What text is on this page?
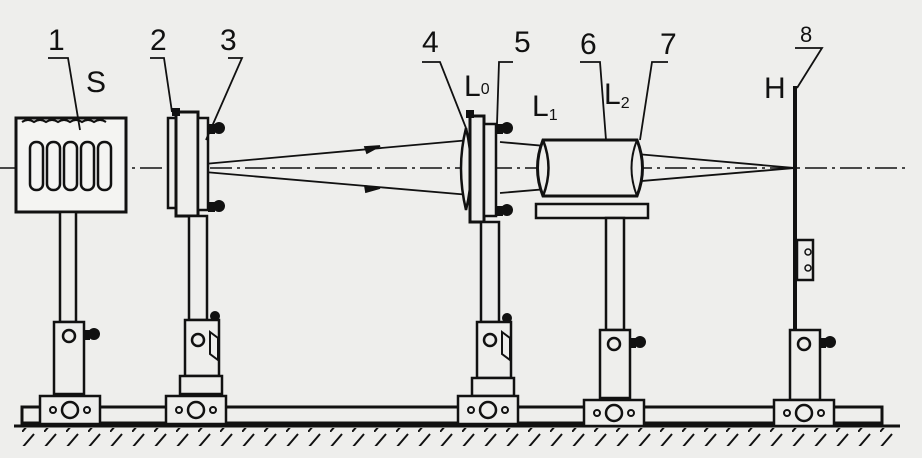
1	2 3	4	5 6 7	8
S	L0
L1
L2	H
